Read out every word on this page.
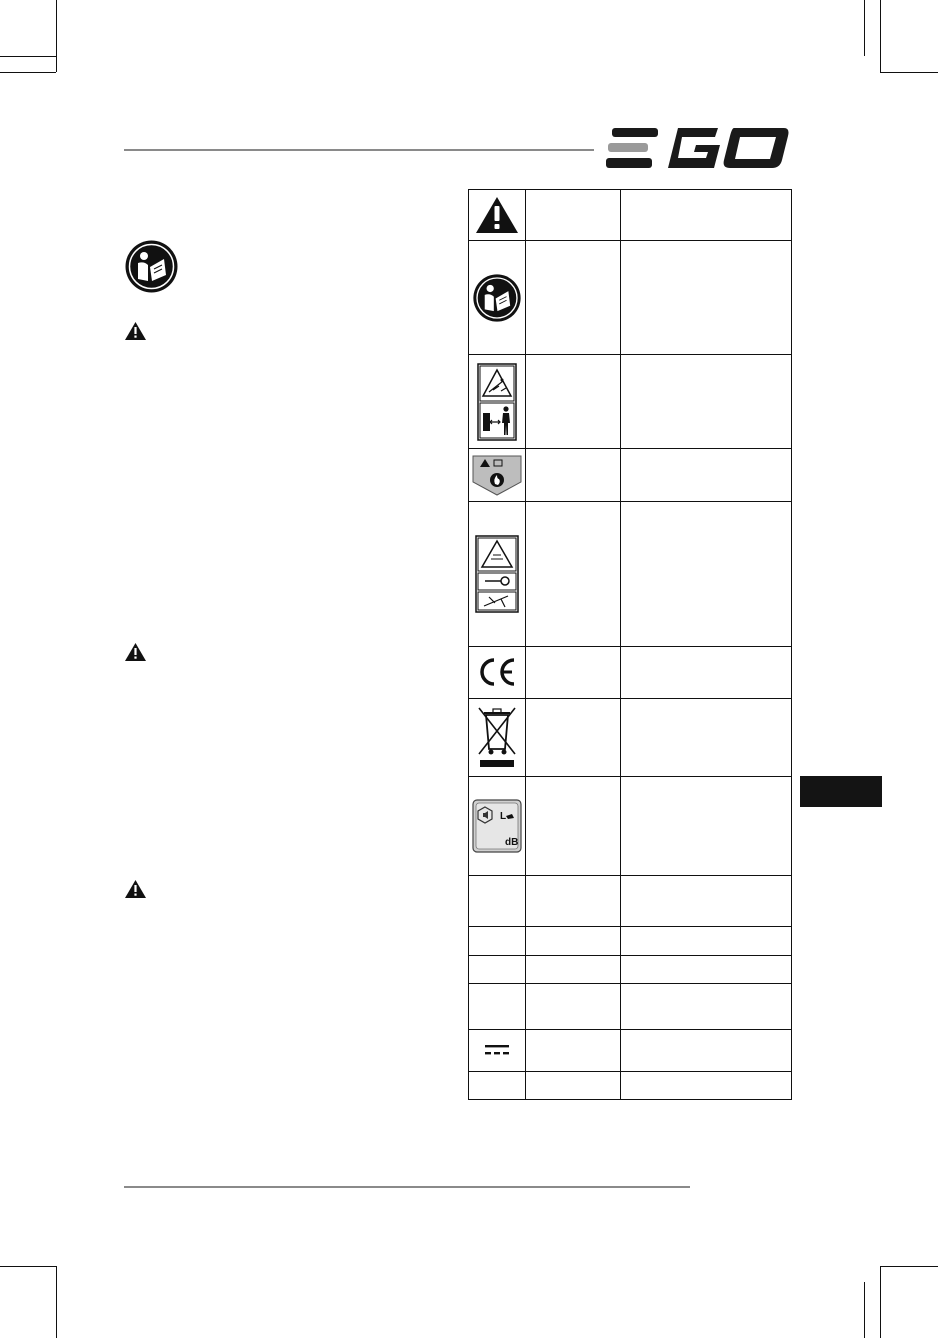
L
dB		
